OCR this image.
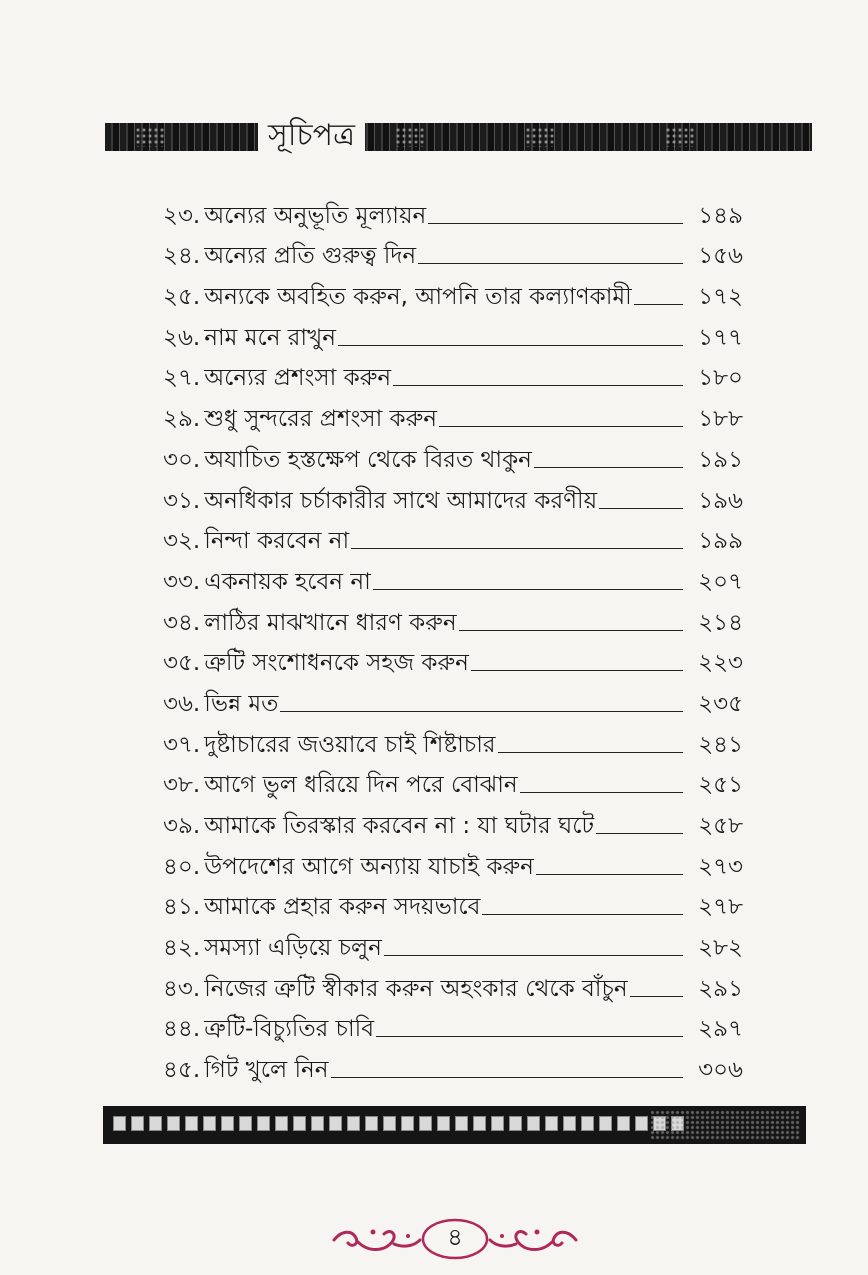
সূচিপত্র
২৩. অন্যের অনুভূতি মূল্যায়ন	১৪৯
২৪. অন্যের প্রতি গুরুত্ব দিন	১৫৬
২৫. অন্যকে অবহিত করুন, আপনি তার কল্যাণকামী	১৭২
২৬. নাম মনে রাখুন	১৭৭
২৭. অন্যের প্রশংসা করুন	১৮০
২৯. শুধু সুন্দরের প্রশংসা করুন	১৮৮
৩০. অযাচিত হস্তক্ষেপ থেকে বিরত থাকুন	১৯১
৩১. অনধিকার চর্চাকারীর সাথে আমাদের করণীয়	১৯৬
৩২. নিন্দা করবেন না	১৯৯
৩৩. একনায়ক হবেন না	২০৭
৩৪. লাঠির মাঝখানে ধারণ করুন	২১৪
৩৫. ত্রুটি সংশোধনকে সহজ করুন	২২৩
৩৬. ভিন্ন মত	২৩৫
৩৭. দুষ্টাচারের জওয়াবে চাই শিষ্টাচার	২৪১
৩৮. আগে ভুল ধরিয়ে দিন পরে বোঝান	২৫১
৩৯. আমাকে তিরস্কার করবেন না : যা ঘটার ঘটে	২৫৮
৪০. উপদেশের আগে অন্যায় যাচাই করুন	২৭৩
৪১. আমাকে প্রহার করুন সদয়ভাবে	২৭৮
৪২. সমস্যা এড়িয়ে চলুন	২৮২
৪৩. নিজের ত্রুটি স্বীকার করুন অহংকার থেকে বাঁচুন	২৯১
৪৪. ত্রুটি-বিচ্যুতির চাবি	২৯৭
৪৫. গিট খুলে নিন	৩০৬
৪
